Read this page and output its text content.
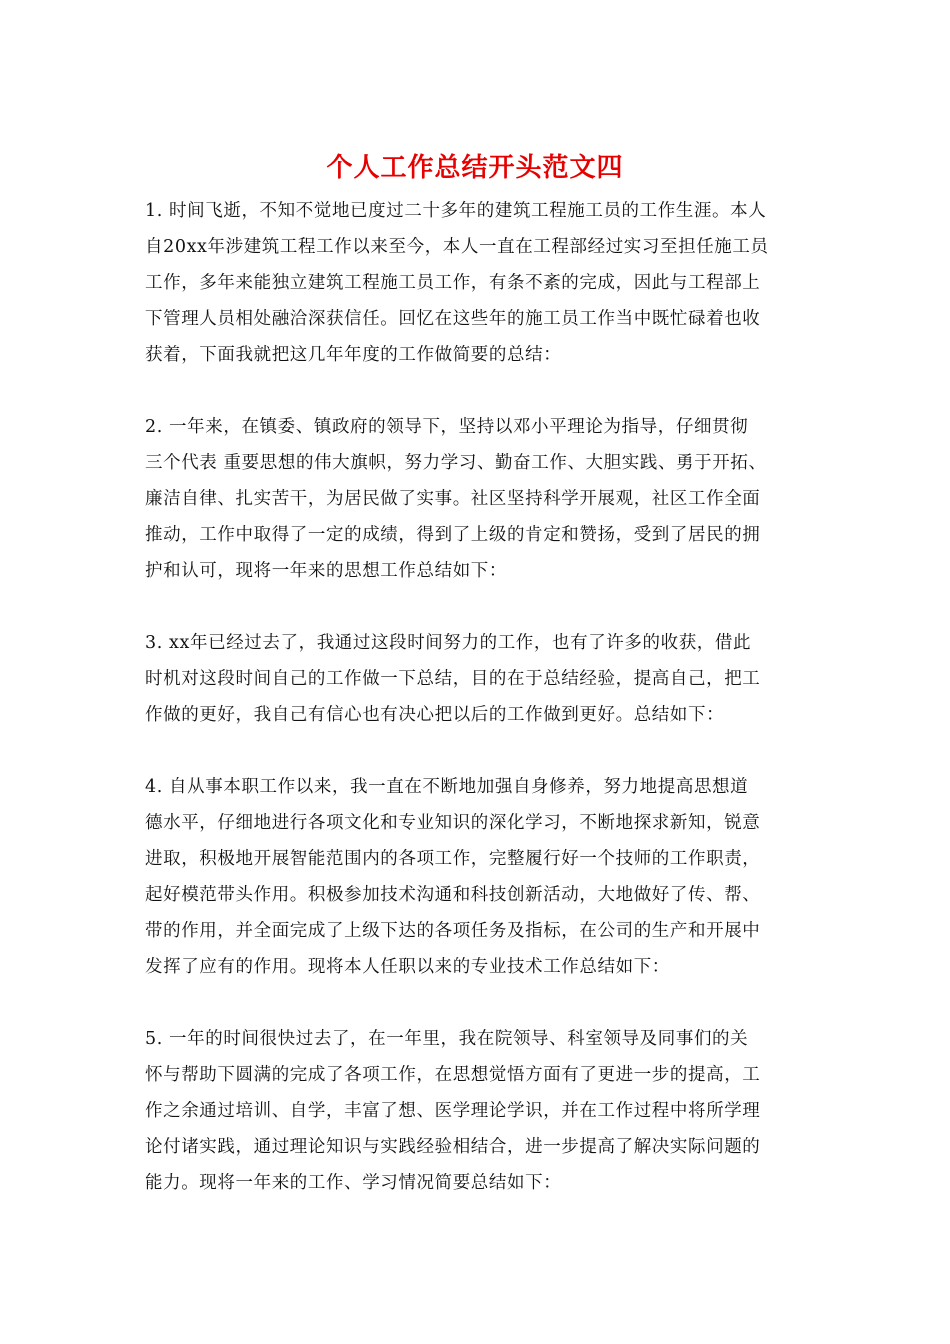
个人工作总结开头范文四
1. 时间飞逝，不知不觉地已度过二十多年的建筑工程施工员的工作生涯。本人
自20xx年涉建筑工程工作以来至今，本人一直在工程部经过实习至担任施工员
工作，多年来能独立建筑工程施工员工作，有条不紊的完成，因此与工程部上
下管理人员相处融洽深获信任。回忆在这些年的施工员工作当中既忙碌着也收
获着，下面我就把这几年年度的工作做简要的总结：
2. 一年来，在镇委、镇政府的领导下，坚持以邓小平理论为指导，仔细贯彻
三个代表 重要思想的伟大旗帜，努力学习、勤奋工作、大胆实践、勇于开拓、
廉洁自律、扎实苦干，为居民做了实事。社区坚持科学开展观，社区工作全面
推动，工作中取得了一定的成绩，得到了上级的肯定和赞扬，受到了居民的拥
护和认可，现将一年来的思想工作总结如下：
3. xx年已经过去了，我通过这段时间努力的工作，也有了许多的收获，借此
时机对这段时间自己的工作做一下总结，目的在于总结经验，提高自己，把工
作做的更好，我自己有信心也有决心把以后的工作做到更好。总结如下：
4. 自从事本职工作以来，我一直在不断地加强自身修养，努力地提高思想道
德水平，仔细地进行各项文化和专业知识的深化学习，不断地探求新知，锐意
进取，积极地开展智能范围内的各项工作，完整履行好一个技师的工作职责，
起好模范带头作用。积极参加技术沟通和科技创新活动，大地做好了传、帮、
带的作用，并全面完成了上级下达的各项任务及指标，在公司的生产和开展中
发挥了应有的作用。现将本人任职以来的专业技术工作总结如下：
5. 一年的时间很快过去了，在一年里，我在院领导、科室领导及同事们的关
怀与帮助下圆满的完成了各项工作，在思想觉悟方面有了更进一步的提高，工
作之余通过培训、自学，丰富了想、医学理论学识，并在工作过程中将所学理
论付诸实践，通过理论知识与实践经验相结合，进一步提高了解决实际问题的
能力。现将一年来的工作、学习情况简要总结如下：
